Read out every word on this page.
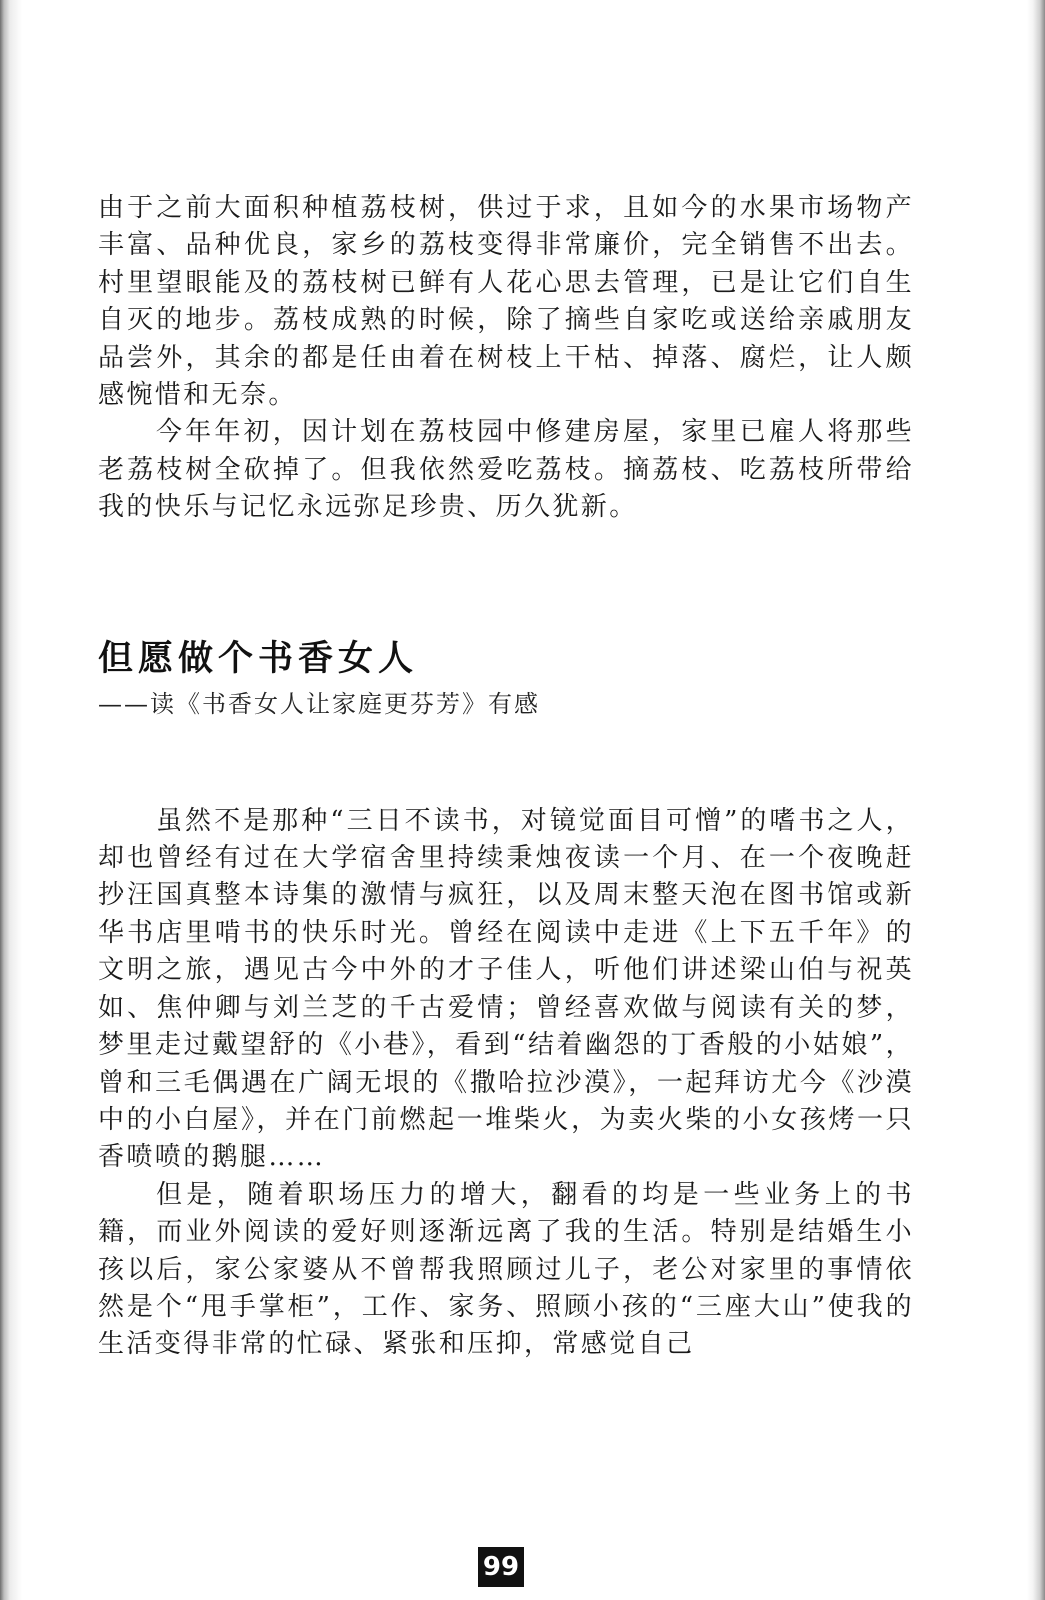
由于之前大面积种植荔枝树，供过于求，且如今的水果市场物产丰富、品种优良，家乡的荔枝变得非常廉价，完全销售不出去。村里望眼能及的荔枝树已鲜有人花心思去管理，已是让它们自生自灭的地步。荔枝成熟的时候，除了摘些自家吃或送给亲戚朋友品尝外，其余的都是任由着在树枝上干枯、掉落、腐烂，让人颇感惋惜和无奈。

今年年初，因计划在荔枝园中修建房屋，家里已雇人将那些老荔枝树全砍掉了。但我依然爱吃荔枝。摘荔枝、吃荔枝所带给我的快乐与记忆永远弥足珍贵、历久犹新。

但愿做个书香女人

——读《书香女人让家庭更芬芳》有感

虽然不是那种“三日不读书，对镜觉面目可憎”的嗜书之人，却也曾经有过在大学宿舍里持续秉烛夜读一个月、在一个夜晚赶抄汪国真整本诗集的激情与疯狂，以及周末整天泡在图书馆或新华书店里啃书的快乐时光。曾经在阅读中走进《上下五千年》的文明之旅，遇见古今中外的才子佳人，听他们讲述梁山伯与祝英如、焦仲卿与刘兰芝的千古爱情；曾经喜欢做与阅读有关的梦，梦里走过戴望舒的《小巷》，看到“结着幽怨的丁香般的小姑娘”，曾和三毛偶遇在广阔无垠的《撒哈拉沙漠》，一起拜访尤今《沙漠中的小白屋》，并在门前燃起一堆柴火，为卖火柴的小女孩烤一只香喷喷的鹅腿……

但是，随着职场压力的增大，翻看的均是一些业务上的书籍，而业外阅读的爱好则逐渐远离了我的生活。特别是结婚生小孩以后，家公家婆从不曾帮我照顾过儿子，老公对家里的事情依然是个“甩手掌柜”，工作、家务、照顾小孩的“三座大山”使我的生活变得非常的忙碌、紧张和压抑，常感觉自己

99
